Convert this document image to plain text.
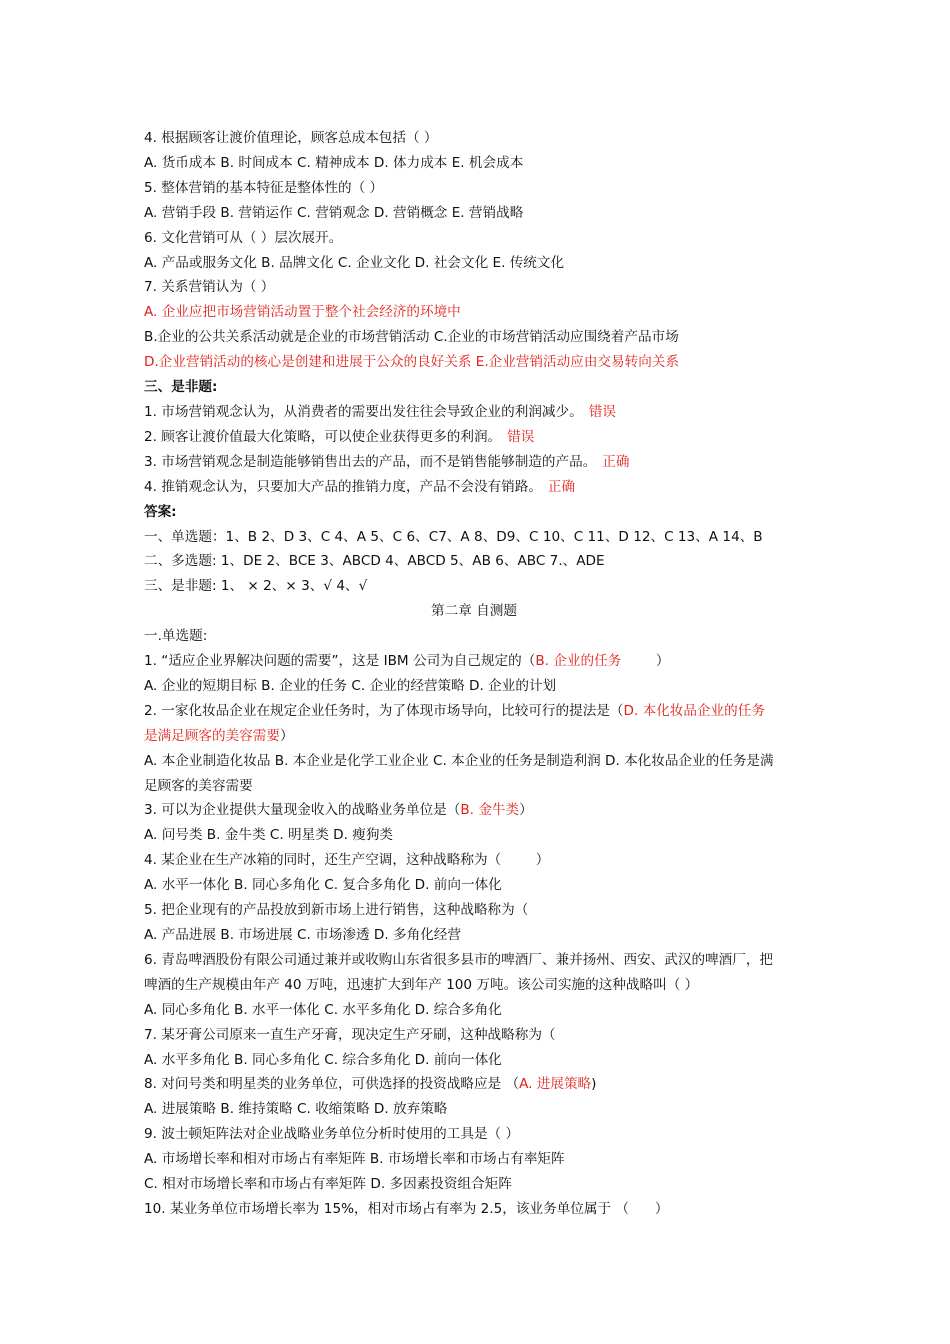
4. 根据顾客让渡价值理论，顾客总成本包括（ ）
A. 货币成本 B. 时间成本 C. 精神成本 D. 体力成本 E. 机会成本
5. 整体营销的基本特征是整体性的（ ）
A. 营销手段 B. 营销运作 C. 营销观念 D. 营销概念 E. 营销战略
6. 文化营销可从（ ）层次展开。
A. 产品或服务文化 B. 品牌文化 C. 企业文化 D. 社会文化 E. 传统文化
7. 关系营销认为（ ）
A. 企业应把市场营销活动置于整个社会经济的环境中
B.企业的公共关系活动就是企业的市场营销活动 C.企业的市场营销活动应围绕着产品市场
D.企业营销活动的核心是创建和进展于公众的良好关系 E.企业营销活动应由交易转向关系
三、是非题:
1. 市场营销观念认为，从消费者的需要出发往往会导致企业的利润减少。 错误
2. 顾客让渡价值最大化策略，可以使企业获得更多的利润。 错误
3. 市场营销观念是制造能够销售出去的产品，而不是销售能够制造的产品。 正确
4. 推销观念认为，只要加大产品的推销力度，产品不会没有销路。 正确
答案:
一、单选题：1、B 2、D 3、C 4、A 5、C 6、C7、A 8、D9、C 10、C 11、D 12、C 13、A 14、B
二、多选题: 1、DE 2、BCE 3、ABCD 4、ABCD 5、AB 6、ABC 7.、ADE
三、是非题: 1、 × 2、× 3、√ 4、√
第二章 自测题
一.单选题:
1. “适应企业界解决问题的需要”，这是 IBM 公司为自己规定的（B. 企业的任务        ）
A. 企业的短期目标 B. 企业的任务 C. 企业的经营策略 D. 企业的计划
2. 一家化妆品企业在规定企业任务时，为了体现市场导向，比较可行的提法是（D. 本化妆品企业的任务
是满足顾客的美容需要）
A. 本企业制造化妆品 B. 本企业是化学工业企业 C. 本企业的任务是制造利润 D. 本化妆品企业的任务是满
足顾客的美容需要
3. 可以为企业提供大量现金收入的战略业务单位是（B. 金牛类）
A. 问号类 B. 金牛类 C. 明星类 D. 瘦狗类
4. 某企业在生产冰箱的同时，还生产空调，这种战略称为（        ）
A. 水平一体化 B. 同心多角化 C. 复合多角化 D. 前向一体化
5. 把企业现有的产品投放到新市场上进行销售，这种战略称为（
A. 产品进展 B. 市场进展 C. 市场渗透 D. 多角化经营
6. 青岛啤酒股份有限公司通过兼并或收购山东省很多县市的啤酒厂、兼并扬州、西安、武汉的啤酒厂，把
啤酒的生产规模由年产 40 万吨，迅速扩大到年产 100 万吨。该公司实施的这种战略叫（ ）
A. 同心多角化 B. 水平一体化 C. 水平多角化 D. 综合多角化
7. 某牙膏公司原来一直生产牙膏，现决定生产牙刷，这种战略称为（
A. 水平多角化 B. 同心多角化 C. 综合多角化 D. 前向一体化
8. 对问号类和明星类的业务单位，可供选择的投资战略应是 （A. 进展策略)
A. 进展策略 B. 维持策略 C. 收缩策略 D. 放弃策略
9. 波士顿矩阵法对企业战略业务单位分析时使用的工具是（ ）
A. 市场增长率和相对市场占有率矩阵 B. 市场增长率和市场占有率矩阵
C. 相对市场增长率和市场占有率矩阵 D. 多因素投资组合矩阵
10. 某业务单位市场增长率为 15%，相对市场占有率为 2.5，该业务单位属于 （      ）
